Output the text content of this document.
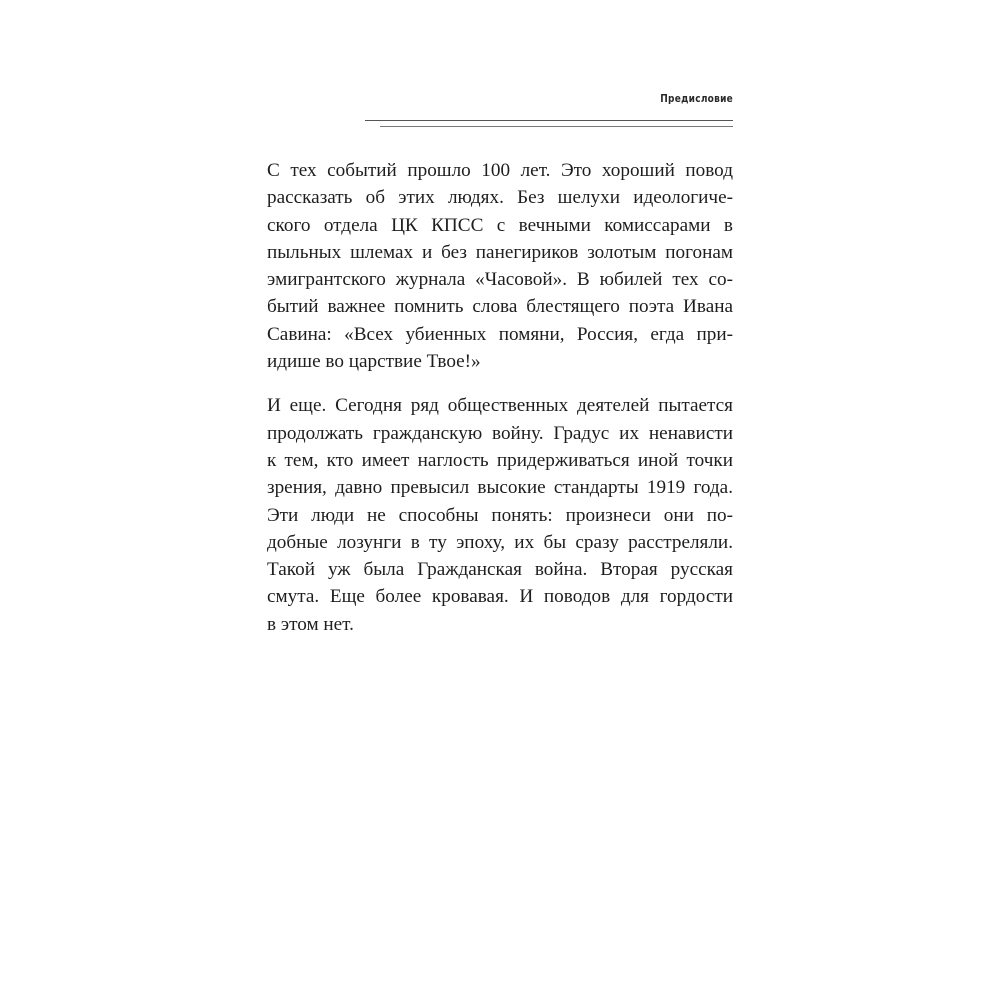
Предисловие

С тех событий прошло 100 лет. Это хороший повод
рассказать об этих людях. Без шелухи идеологиче-
ского отдела ЦК КПСС с вечными комиссарами в
пыльных шлемах и без панегириков золотым погонам
эмигрантского журнала «Часовой». В юбилей тех со-
бытий важнее помнить слова блестящего поэта Ивана
Савина: «Всех убиенных помяни, Россия, егда при-
идише во царствие Твое!»

И еще. Сегодня ряд общественных деятелей пытается
продолжать гражданскую войну. Градус их ненависти
к тем, кто имеет наглость придерживаться иной точки
зрения, давно превысил высокие стандарты 1919 года.
Эти люди не способны понять: произнеси они по-
добные лозунги в ту эпоху, их бы сразу расстреляли.
Такой уж была Гражданская война. Вторая русская
смута. Еще более кровавая. И поводов для гордости
в этом нет.
